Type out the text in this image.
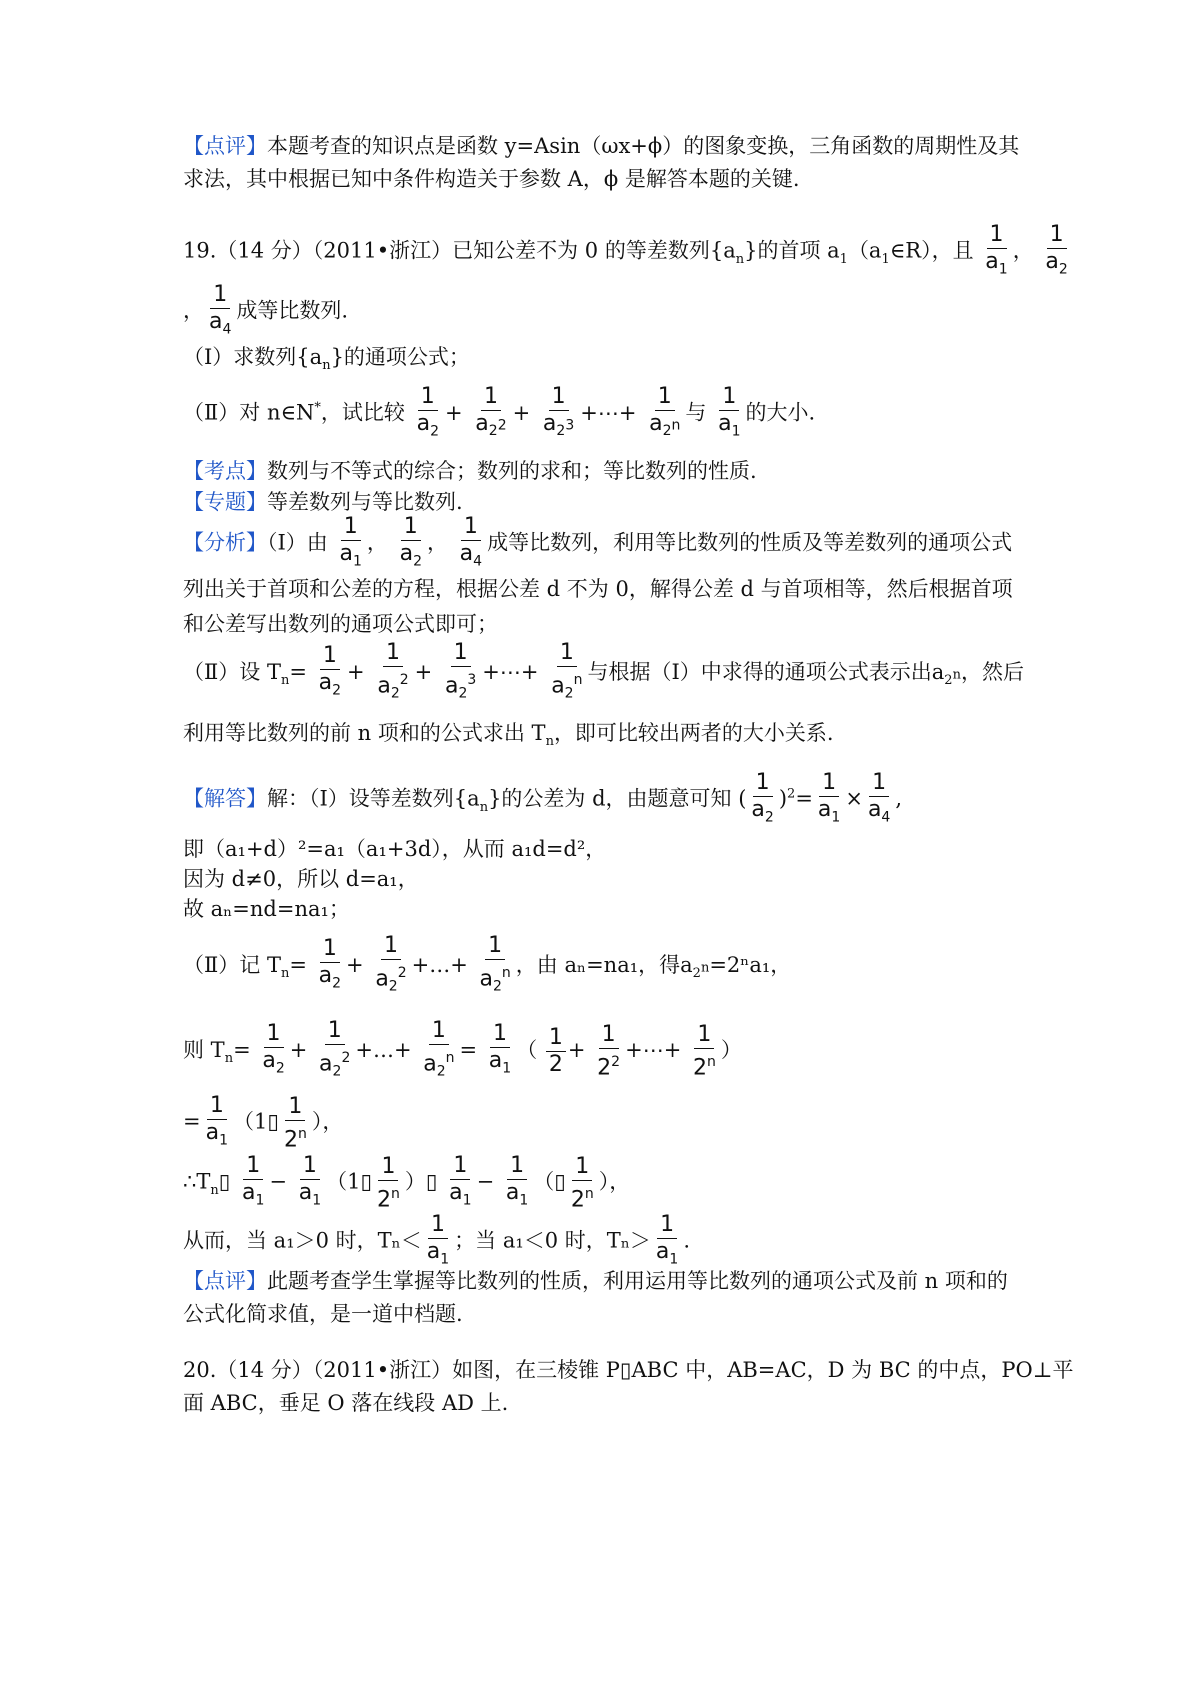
【点评】本题考查的知识点是函数 y=Asin（ωx+ϕ）的图象变换，三角函数的周期性及其
求法，其中根据已知中条件构造关于参数 A，ϕ 是解答本题的关键.
19.（14 分）（2011•浙江）已知公差不为 0 的等差数列$\{a_n\}$的首项 $a_1(a_1\in R)$，且 $\frac{1}{a_1}$ ， $\frac{1}{a_2}$
， $\frac{1}{a_4}$ 成等比数列.
（Ⅰ）求数列$\{a_n\}$的通项公式；
（Ⅱ）对 n∈N*，试比较 $\frac{1}{a_2} + \frac{1}{a_{2^2}} + \frac{1}{a_{2^3}}$ +⋯+ $\frac{1}{a_{2^n}}$ 与 $\frac{1}{a_1}$ 的大小.
【考点】数列与不等式的综合；数列的求和；等比数列的性质.
【专题】等差数列与等比数列.
【分析】（Ⅰ）由 $\frac{1}{a_1}$ ， $\frac{1}{a_2}$ ， $\frac{1}{a_4}$ 成等比数列，利用等比数列的性质及等差数列的通项公式
列出关于首项和公差的方程，根据公差 d 不为 0，解得公差 d 与首项相等，然后根据首项
和公差写出数列的通项公式即可；
（Ⅱ）设 $T_n= \frac{1}{a_2} + \frac{1}{a_2^2} + \frac{1}{a_2^3}$ +⋯+ $\frac{1}{a_2^n}$ 与根据（Ⅰ）中求得的通项公式表示出$a_{2^n}$，然后
利用等比数列的前 n 项和的公式求出 $T_n$，即可比较出两者的大小关系.
【解答】解：（Ⅰ）设等差数列$\{a_n\}$的公差为 d，由题意可知 ( $\frac{1}{a_2} )^2= \frac{1}{a_1} \times \frac{1}{a_4}$ ,
即（a₁+d）²=a₁（a₁+3d），从而 a₁d=d²，
因为 d≠0，所以 d=a₁，
故 aₙ=nd=na₁；
（Ⅱ）记 $T_n= \frac{1}{a_2} + \frac{1}{a_2^2}$ +…+ $\frac{1}{a_2^n}$ ，由 aₙ=na₁，得$a_{2^n}=2^na_1$，
则 $T_n= \frac{1}{a_2} + \frac{1}{a_2^2}$ +…+ $\frac{1}{a_2^n} = \frac{1}{a_1}$ （ $\frac{1}{2} + \frac{1}{2^2}$ +⋯+ $\frac{1}{2^n}$ ）
= $\frac{1}{a_1}$ （1▯ $\frac{1}{2^n}$ ），
$\therefore T_n▯ \frac{1}{a_1} - \frac{1}{a_1}$ （1▯ $\frac{1}{2^n}$ ）▯ $\frac{1}{a_1} - \frac{1}{a_1}$ （▯ $\frac{1}{2^n}$ ），
从而，当 a₁＞0 时，$T_n< \frac{1}{a_1}$ ；当 a₁＜0 时，$T_n> \frac{1}{a_1}$ .
【点评】此题考查学生掌握等比数列的性质，利用运用等比数列的通项公式及前 n 项和的
公式化简求值，是一道中档题.
20.（14 分）（2011•浙江）如图，在三棱锥 P▯ABC 中，AB=AC，D 为 BC 的中点，PO⊥平
面 ABC，垂足 O 落在线段 AD 上.
